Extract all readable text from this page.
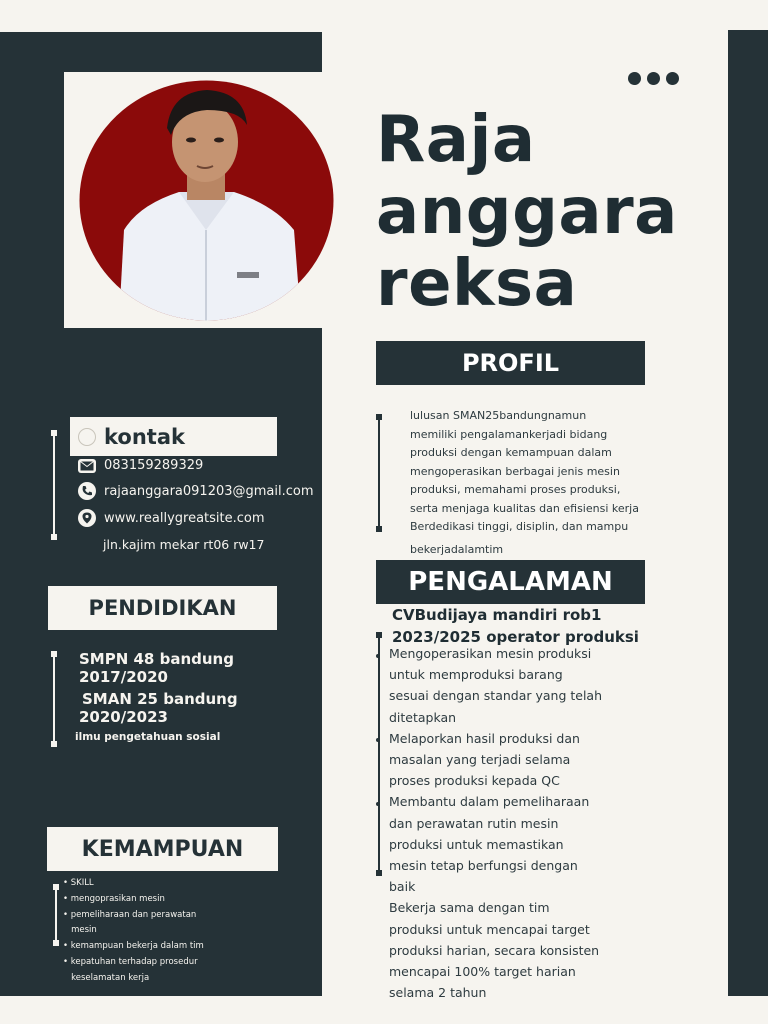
Raja
anggara
reksa
PROFIL
lulusan SMAN25bandungnamun
memiliki pengalamankerjadi bidang
produksi dengan kemampuan dalam
mengoperasikan berbagai jenis mesin
produksi, memahami proses produksi,
serta menjaga kualitas dan efisiensi kerja
Berdedikasi tinggi, disiplin, dan mampu
bekerjadalamtim
PENGALAMAN
CVBudijaya mandiri rob1
2023/2025 operator produksi
Mengoperasikan mesin produksi
untuk memproduksi barang
sesuai dengan standar yang telah
ditetapkan
Melaporkan hasil produksi dan
masalan yang terjadi selama
proses produksi kepada QC
Membantu dalam pemeliharaan
dan perawatan rutin mesin
produksi untuk memastikan
mesin tetap berfungsi dengan
baik
Bekerja sama dengan tim
produksi untuk mencapai target
produksi harian, secara konsisten
mencapai 100% target harian
selama 2 tahun
kontak
083159289329
rajaanggara091203@gmail.com
www.reallygreatsite.com
jln.kajim mekar rt06 rw17
PENDIDIKAN
SMPN 48 bandung
2017/2020
SMAN 25 bandung
2020/2023
ilmu pengetahuan sosial
KEMAMPUAN
• SKILL
• mengoprasikan mesin
• pemeliharaan dan perawatan
mesin
• kemampuan bekerja dalam tim
• kepatuhan terhadap prosedur
keselamatan kerja
